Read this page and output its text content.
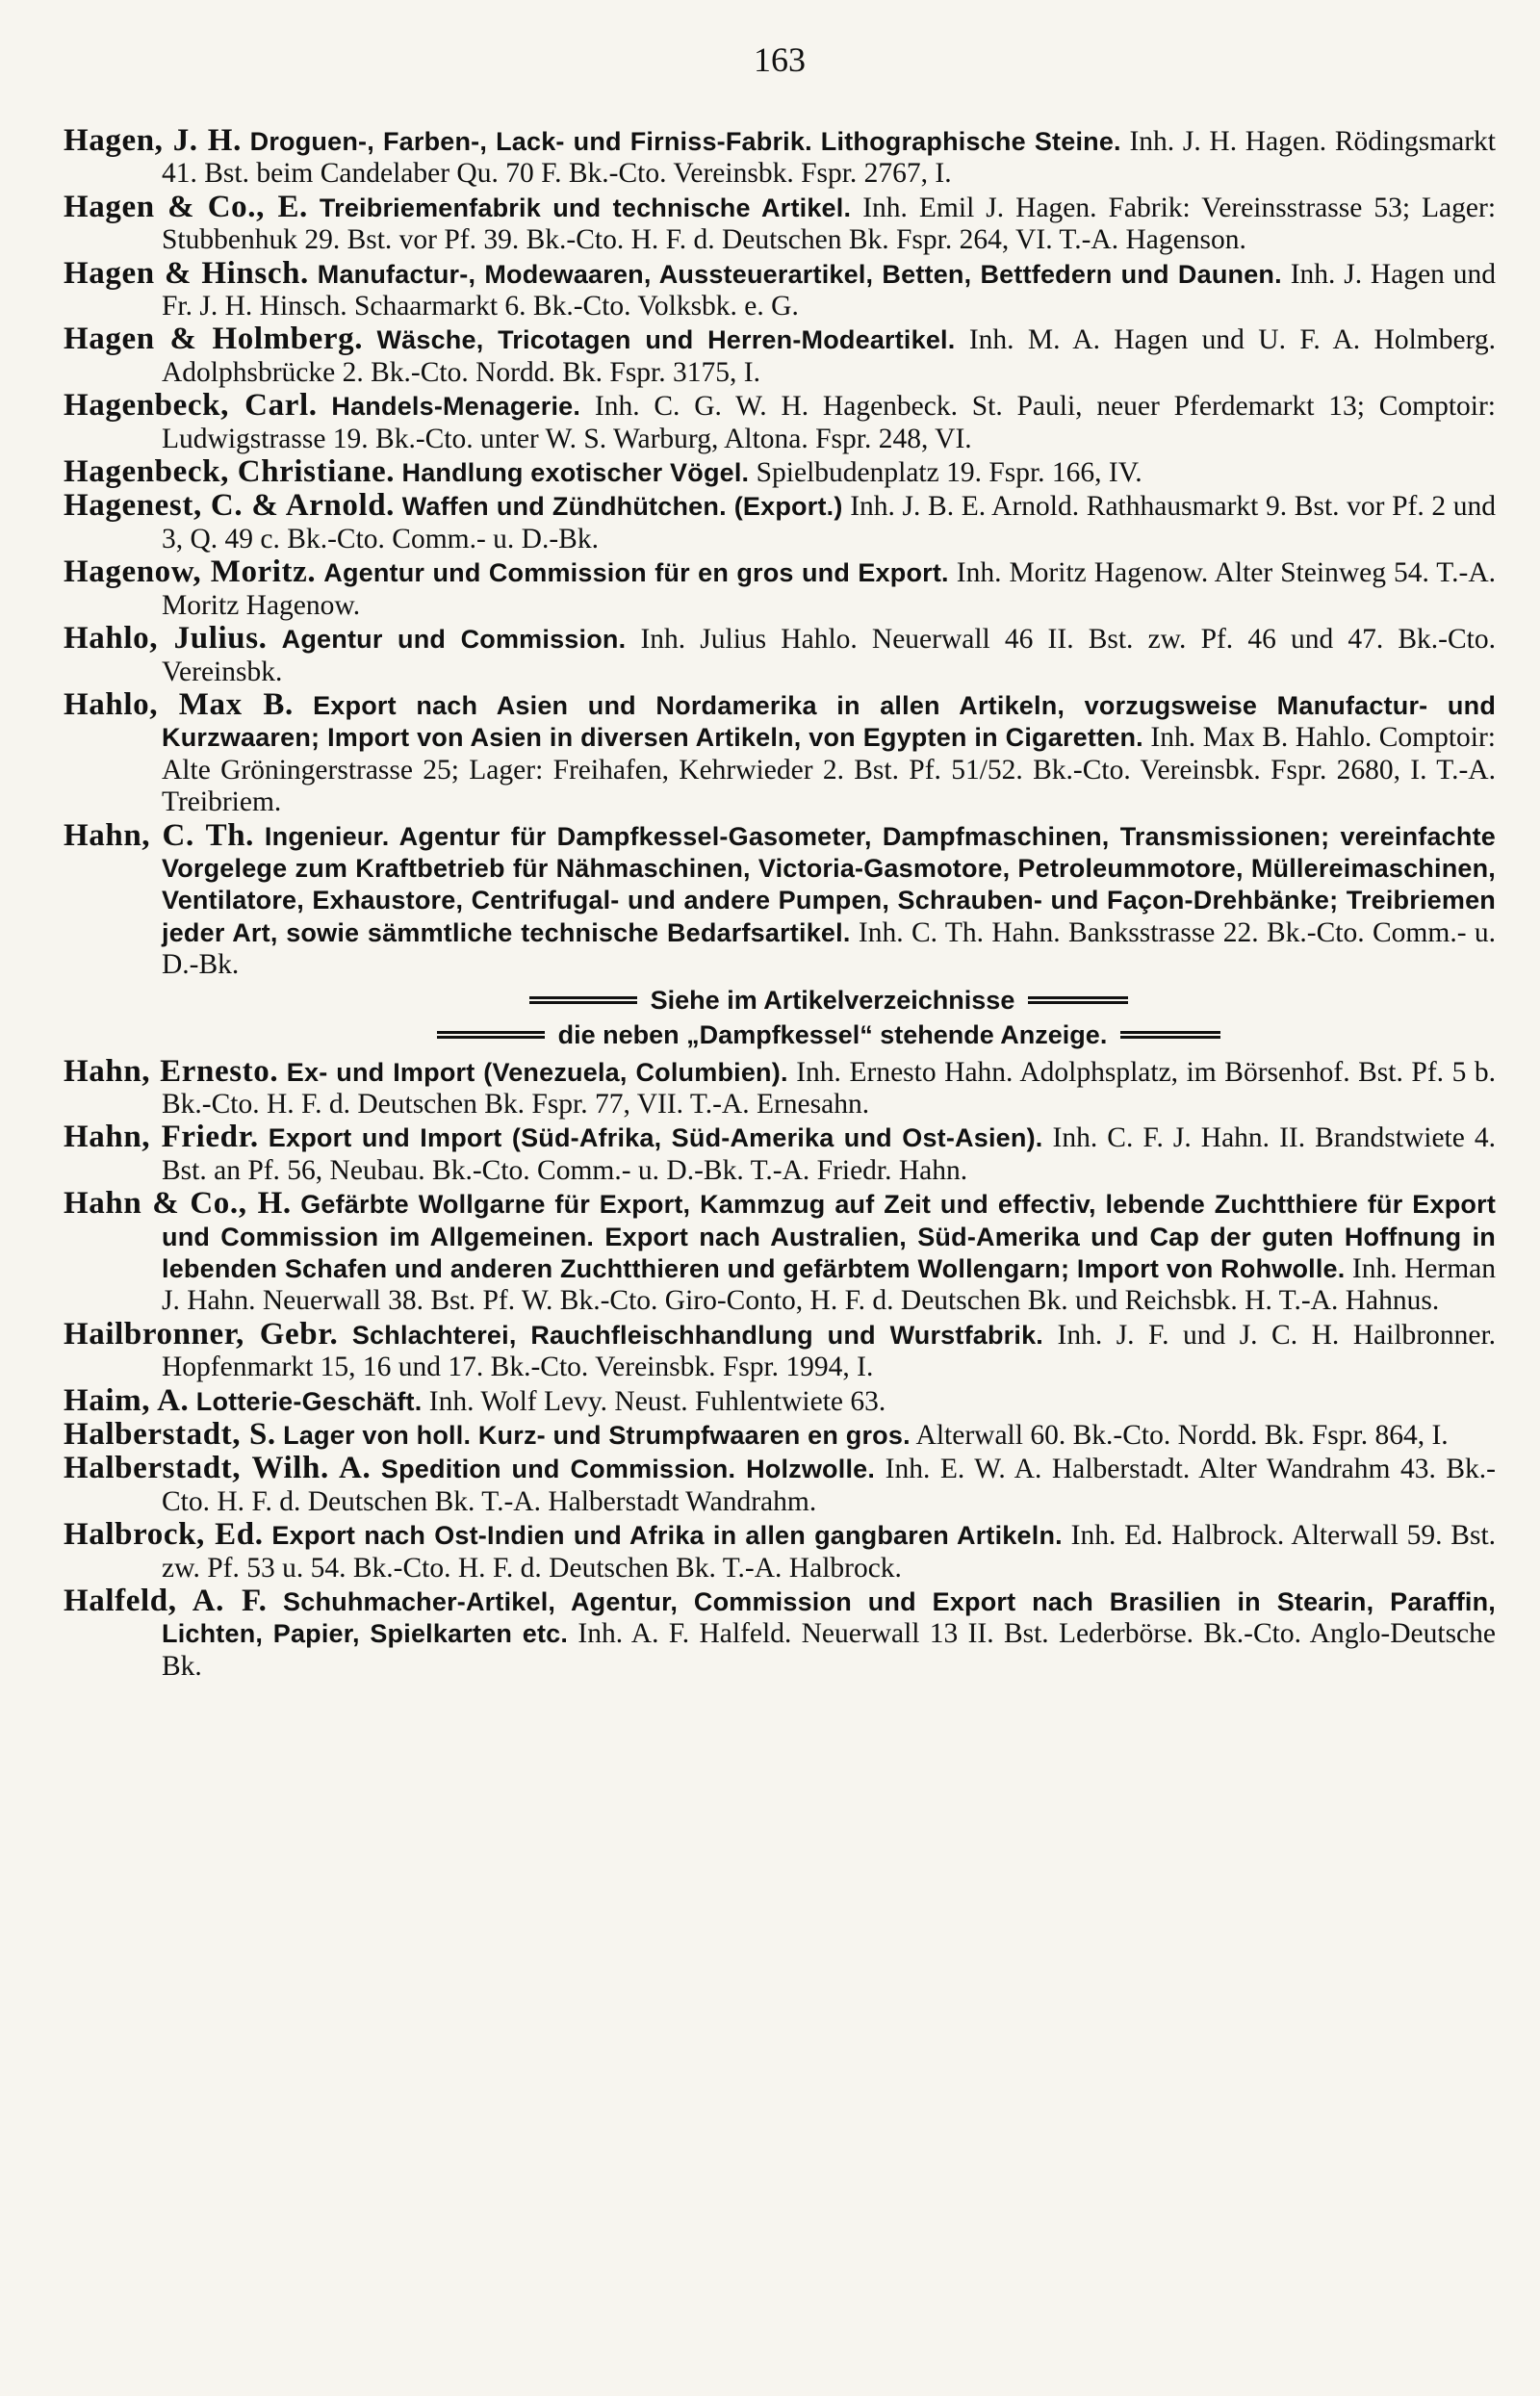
163

Hagen, J. H. Droguen-, Farben-, Lack- und Firniss-Fabrik. Lithographische Steine. Inh. J. H. Hagen. Rödingsmarkt 41. Bst. beim Candelaber Qu. 70 F. Bk.-Cto. Vereinsbk. Fspr. 2767, I.

Hagen & Co., E. Treibriemenfabrik und technische Artikel. Inh. Emil J. Hagen. Fabrik: Vereinsstrasse 53; Lager: Stubbenhuk 29. Bst. vor Pf. 39. Bk.-Cto. H. F. d. Deutschen Bk. Fspr. 264, VI. T.-A. Hagenson.

Hagen & Hinsch. Manufactur-, Modewaaren, Aussteuerartikel, Betten, Bettfedern und Daunen. Inh. J. Hagen und Fr. J. H. Hinsch. Schaarmarkt 6. Bk.-Cto. Volksbk. e. G.

Hagen & Holmberg. Wäsche, Tricotagen und Herren-Modeartikel. Inh. M. A. Hagen und U. F. A. Holmberg. Adolphsbrücke 2. Bk.-Cto. Nordd. Bk. Fspr. 3175, I.

Hagenbeck, Carl. Handels-Menagerie. Inh. C. G. W. H. Hagenbeck. St. Pauli, neuer Pferdemarkt 13; Comptoir: Ludwigstrasse 19. Bk.-Cto. unter W. S. Warburg, Altona. Fspr. 248, VI.

Hagenbeck, Christiane. Handlung exotischer Vögel. Spielbudenplatz 19. Fspr. 166, IV.

Hagenest, C. & Arnold. Waffen und Zündhütchen. (Export.) Inh. J. B. E. Arnold. Rathhausmarkt 9. Bst. vor Pf. 2 und 3, Q. 49 c. Bk.-Cto. Comm.- u. D.-Bk.

Hagenow, Moritz. Agentur und Commission für en gros und Export. Inh. Moritz Hagenow. Alter Steinweg 54. T.-A. Moritz Hagenow.

Hahlo, Julius. Agentur und Commission. Inh. Julius Hahlo. Neuerwall 46 II. Bst. zw. Pf. 46 und 47. Bk.-Cto. Vereinsbk.

Hahlo, Max B. Export nach Asien und Nordamerika in allen Artikeln, vorzugsweise Manufactur- und Kurzwaaren; Import von Asien in diversen Artikeln, von Egypten in Cigaretten. Inh. Max B. Hahlo. Comptoir: Alte Gröningerstrasse 25; Lager: Freihafen, Kehrwieder 2. Bst. Pf. 51/52. Bk.-Cto. Vereinsbk. Fspr. 2680, I. T.-A. Treibriem.

Hahn, C. Th. Ingenieur. Agentur für Dampfkessel-Gasometer, Dampfmaschinen, Transmissionen; vereinfachte Vorgelege zum Kraftbetrieb für Nähmaschinen, Victoria-Gasmotore, Petroleummotore, Müllereimaschinen, Ventilatore, Exhaustore, Centrifugal- und andere Pumpen, Schrauben- und Façon-Drehbänke; Treibriemen jeder Art, sowie sämmtliche technische Bedarfsartikel. Inh. C. Th. Hahn. Banksstrasse 22. Bk.-Cto. Comm.- u. D.-Bk.

Siehe im Artikelverzeichnisse
die neben „Dampfkessel“ stehende Anzeige.

Hahn, Ernesto. Ex- und Import (Venezuela, Columbien). Inh. Ernesto Hahn. Adolphsplatz, im Börsenhof. Bst. Pf. 5 b. Bk.-Cto. H. F. d. Deutschen Bk. Fspr. 77, VII. T.-A. Ernesahn.

Hahn, Friedr. Export und Import (Süd-Afrika, Süd-Amerika und Ost-Asien). Inh. C. F. J. Hahn. II. Brandstwiete 4. Bst. an Pf. 56, Neubau. Bk.-Cto. Comm.- u. D.-Bk. T.-A. Friedr. Hahn.

Hahn & Co., H. Gefärbte Wollgarne für Export, Kammzug auf Zeit und effectiv, lebende Zuchtthiere für Export und Commission im Allgemeinen. Export nach Australien, Süd-Amerika und Cap der guten Hoffnung in lebenden Schafen und anderen Zuchtthieren und gefärbtem Wollengarn; Import von Rohwolle. Inh. Herman J. Hahn. Neuerwall 38. Bst. Pf. W. Bk.-Cto. Giro-Conto, H. F. d. Deutschen Bk. und Reichsbk. H. T.-A. Hahnus.

Hailbronner, Gebr. Schlachterei, Rauchfleischhandlung und Wurstfabrik. Inh. J. F. und J. C. H. Hailbronner. Hopfenmarkt 15, 16 und 17. Bk.-Cto. Vereinsbk. Fspr. 1994, I.

Haim, A. Lotterie-Geschäft. Inh. Wolf Levy. Neust. Fuhlentwiete 63.

Halberstadt, S. Lager von holl. Kurz- und Strumpfwaaren en gros. Alterwall 60. Bk.-Cto. Nordd. Bk. Fspr. 864, I.

Halberstadt, Wilh. A. Spedition und Commission. Holzwolle. Inh. E. W. A. Halberstadt. Alter Wandrahm 43. Bk.-Cto. H. F. d. Deutschen Bk. T.-A. Halberstadt Wandrahm.

Halbrock, Ed. Export nach Ost-Indien und Afrika in allen gangbaren Artikeln. Inh. Ed. Halbrock. Alterwall 59. Bst. zw. Pf. 53 u. 54. Bk.-Cto. H. F. d. Deutschen Bk. T.-A. Halbrock.

Halfeld, A. F. Schuhmacher-Artikel, Agentur, Commission und Export nach Brasilien in Stearin, Paraffin, Lichten, Papier, Spielkarten etc. Inh. A. F. Halfeld. Neuerwall 13 II. Bst. Lederbörse. Bk.-Cto. Anglo-Deutsche Bk.
